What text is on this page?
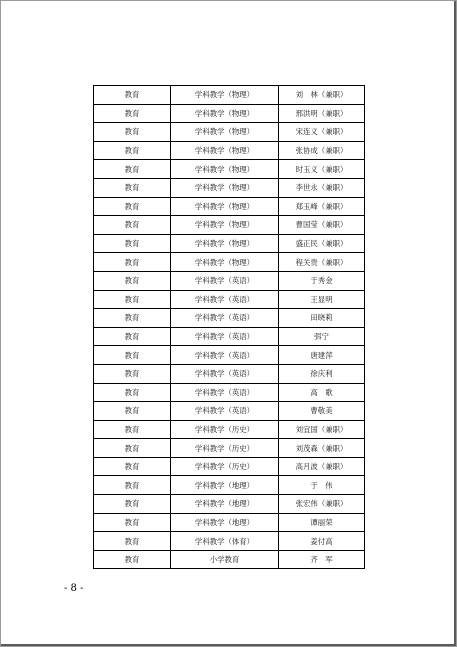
教育	学科教学（物理）	刘　林（兼职）
教育	学科教学（物理）	邢洪明（兼职）
教育	学科教学（物理）	宋连义（兼职）
教育	学科教学（物理）	张协成（兼职）
教育	学科教学（物理）	时玉义（兼职）
教育	学科教学（物理）	李世永（兼职）
教育	学科教学（物理）	郑玉峰（兼职）
教育	学科教学（物理）	曹国莹（兼职）
教育	学科教学（物理）	盛正民（兼职）
教育	学科教学（物理）	程关贵（兼职）
教育	学科教学（英语）	于秀金
教育	学科教学（英语）	王显明
教育	学科教学（英语）	田晓莉
教育	学科教学（英语）	弭宁
教育	学科教学（英语）	唐建萍
教育	学科教学（英语）	徐庆利
教育	学科教学（英语）	高　歌
教育	学科教学（英语）	曹敬美
教育	学科教学（历史）	刘宜国（兼职）
教育	学科教学（历史）	刘茂森（兼职）
教育	学科教学（历史）	高月波（兼职）
教育	学科教学（地理）	于　伟
教育	学科教学（地理）	张宏伟（兼职）
教育	学科教学（地理）	谭丽荣
教育	学科教学（体育）	姜付高
教育	小学教育	齐　军
- 8 -
